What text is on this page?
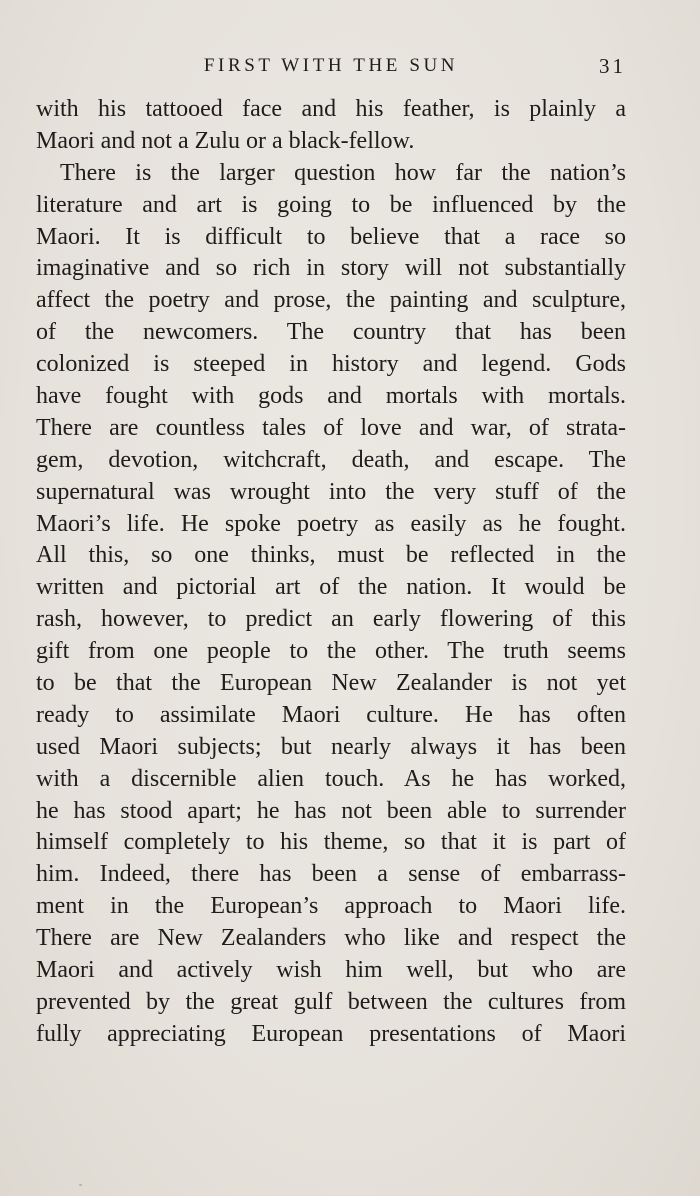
FIRST WITH THE SUN	31
with his tattooed face and his feather, is plainly a
Maori and not a Zulu or a black-fellow.
There is the larger question how far the nation’s
literature and art is going to be influenced by the
Maori. It is difficult to believe that a race so
imaginative and so rich in story will not substantially
affect the poetry and prose, the painting and sculpture,
of the newcomers. The country that has been
colonized is steeped in history and legend. Gods
have fought with gods and mortals with mortals.
There are countless tales of love and war, of strata-
gem, devotion, witchcraft, death, and escape. The
supernatural was wrought into the very stuff of the
Maori’s life. He spoke poetry as easily as he fought.
All this, so one thinks, must be reflected in the
written and pictorial art of the nation. It would be
rash, however, to predict an early flowering of this
gift from one people to the other. The truth seems
to be that the European New Zealander is not yet
ready to assimilate Maori culture. He has often
used Maori subjects; but nearly always it has been
with a discernible alien touch. As he has worked,
he has stood apart; he has not been able to surrender
himself completely to his theme, so that it is part of
him. Indeed, there has been a sense of embarrass-
ment in the European’s approach to Maori life.
There are New Zealanders who like and respect the
Maori and actively wish him well, but who are
prevented by the great gulf between the cultures from
fully appreciating European presentations of Maori
